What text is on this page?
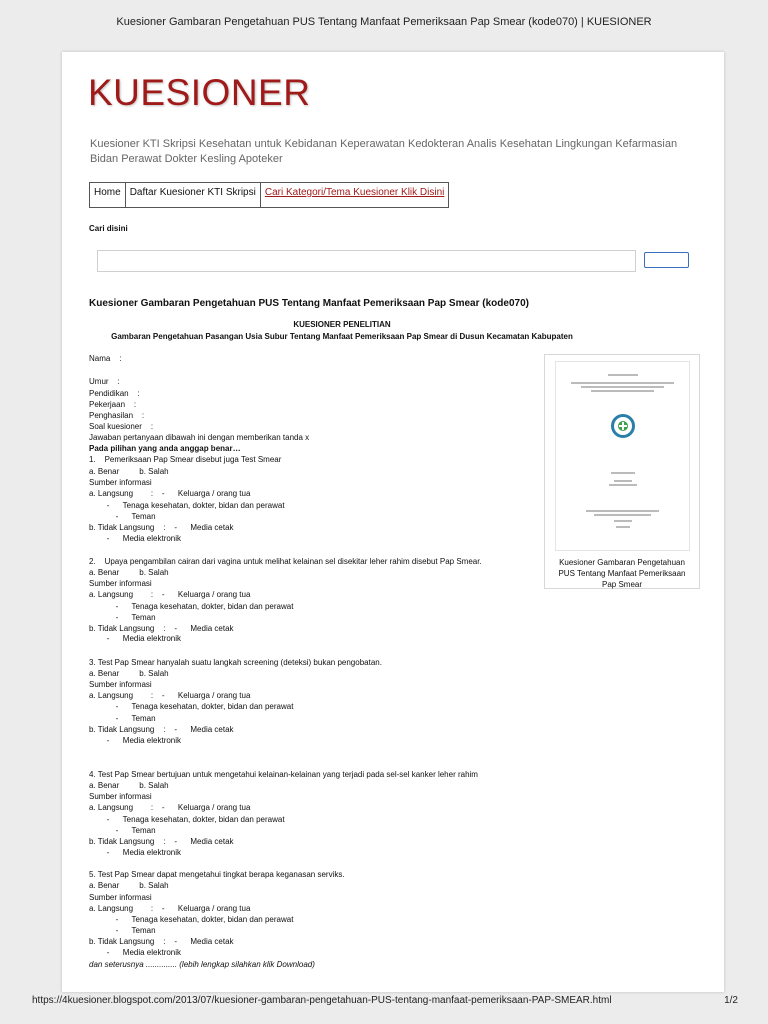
Kuesioner Gambaran Pengetahuan PUS Tentang Manfaat Pemeriksaan Pap Smear (kode070) | KUESIONER
KUESIONER
Kuesioner KTI Skripsi Kesehatan untuk Kebidanan Keperawatan Kedokteran Analis Kesehatan Lingkungan Kefarmasian Bidan Perawat Dokter Kesling Apoteker
Home Daftar Kuesioner KTI Skripsi Cari Kategori/Tema Kuesioner Klik Disini
Cari disini
Kuesioner Gambaran Pengetahuan PUS Tentang Manfaat Pemeriksaan Pap Smear (kode070)
KUESIONER PENELITIAN
Gambaran Pengetahuan Pasangan Usia Subur Tentang Manfaat Pemeriksaan Pap Smear di Dusun Kecamatan Kabupaten
Nama    :
Umur    :
Pendidikan    :
Pekerjaan    :
Penghasilan    :
Soal kuesioner    :
Jawaban pertanyaan dibawah ini dengan memberikan tanda x
Pada pilihan yang anda anggap benar…
1.    Pemeriksaan Pap Smear disebut juga Test Smear
a. Benar         b. Salah
Sumber informasi
a. Langsung        :    -      Keluarga / orang tua
-      Tenaga kesehatan, dokter, bidan dan perawat
-      Teman
b. Tidak Langsung    :    -      Media cetak
-      Media elektronik
2.    Upaya pengambilan cairan dari vagina untuk melihat kelainan sel disekitar leher rahim disebut Pap Smear.
a. Benar         b. Salah
Sumber informasi
a. Langsung        :    -      Keluarga / orang tua
-      Tenaga kesehatan, dokter, bidan dan perawat
-      Teman
b. Tidak Langsung    :    -      Media cetak
-      Media elektronik
3. Test Pap Smear hanyalah suatu langkah screening (deteksi) bukan pengobatan.
a. Benar         b. Salah
Sumber informasi
a. Langsung        :    -      Keluarga / orang tua
-      Tenaga kesehatan, dokter, bidan dan perawat
-      Teman
b. Tidak Langsung    :    -      Media cetak
-      Media elektronik
4. Test Pap Smear bertujuan untuk mengetahui kelainan-kelainan yang terjadi pada sel-sel kanker leher rahim
a. Benar         b. Salah
Sumber informasi
a. Langsung        :    -      Keluarga / orang tua
-      Tenaga kesehatan, dokter, bidan dan perawat
-      Teman
b. Tidak Langsung    :    -      Media cetak
-      Media elektronik
5. Test Pap Smear dapat mengetahui tingkat berapa keganasan serviks.
a. Benar         b. Salah
Sumber informasi
a. Langsung        :    -      Keluarga / orang tua
-      Tenaga kesehatan, dokter, bidan dan perawat
-      Teman
b. Tidak Langsung    :    -      Media cetak
-      Media elektronik
dan seterusnya .............. (lebih lengkap silahkan klik Download)
Kuesioner Gambaran Pengetahuan PUS Tentang Manfaat Pemeriksaan Pap Smear
https://4kuesioner.blogspot.com/2013/07/kuesioner-gambaran-pengetahuan-PUS-tentang-manfaat-pemeriksaan-PAP-SMEAR.html	1/2
